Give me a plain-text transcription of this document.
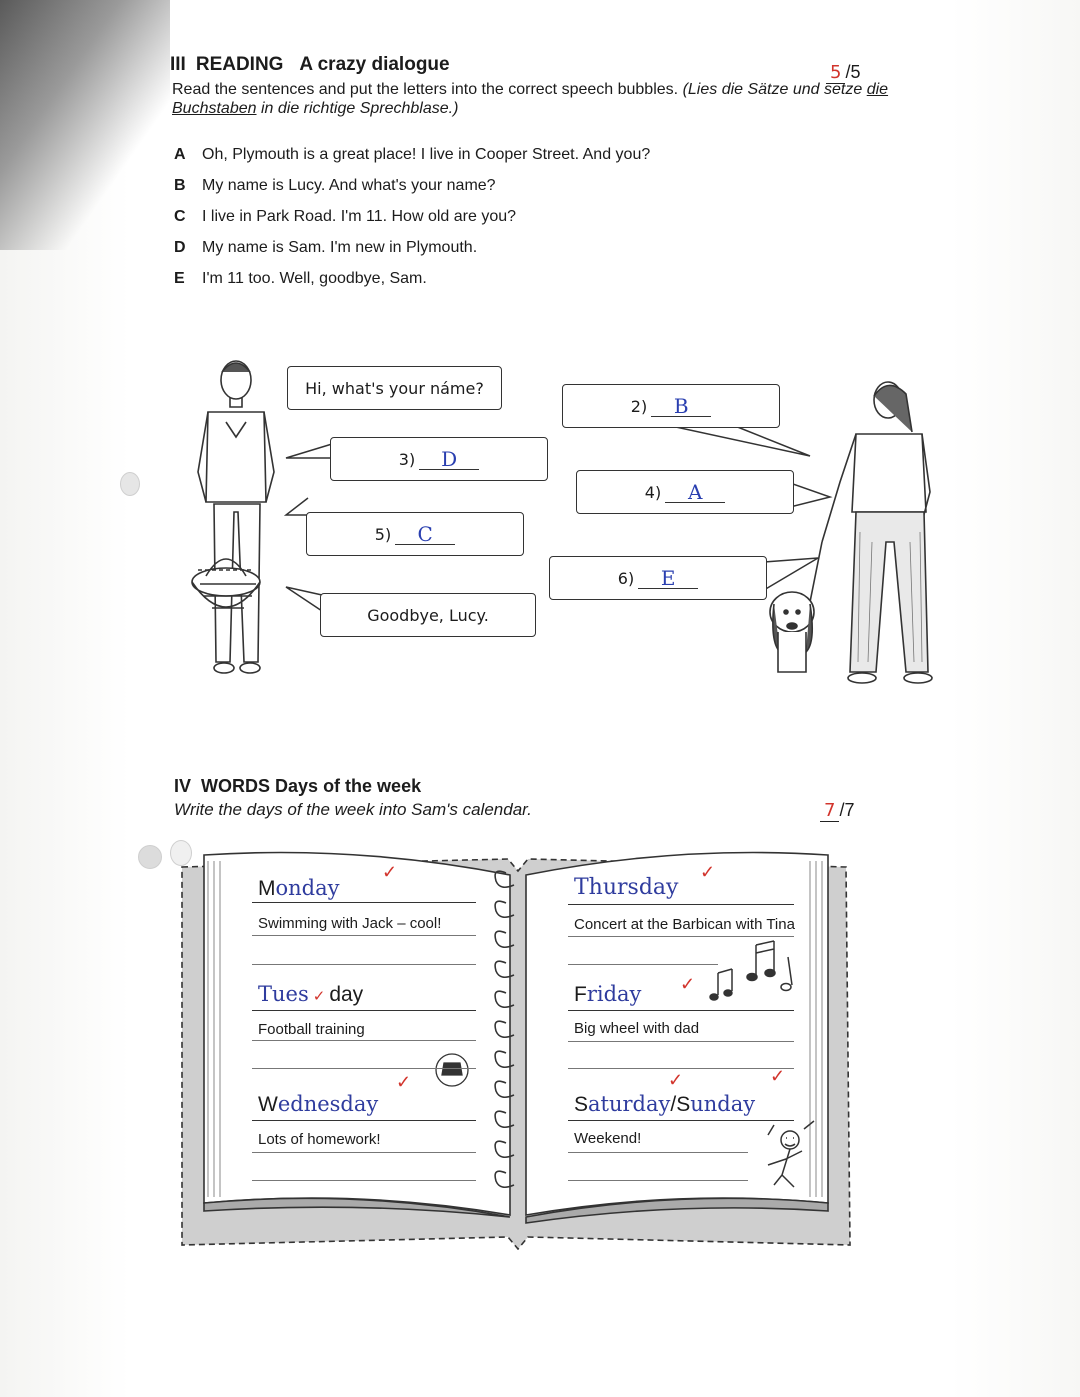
III READING A crazy dialogue	5 /5
Read the sentences and put the letters into the correct speech bubbles. (Lies die Sätze und setze die Buchstaben in die richtige Sprechblase.)
A Oh, Plymouth is a great place! I live in Cooper Street. And you?
B My name is Lucy. And what's your name?
C I live in Park Road. I'm 11. How old are you?
D My name is Sam. I'm new in Plymouth.
E I'm 11 too. Well, goodbye, Sam.
Hi, what's your náme?
2)	B
3)	D
4)	A
5)	C
6)	E
Goodbye, Lucy.
IV WORDS Days of the week
Write the days of the week into Sam's calendar.	7 /7
Monday
✓
Swimming with Jack – cool!
Tues ✓ day
Football training
Wednesday
✓
Lots of homework!
Thursday
✓
Concert at the Barbican with Tina
Friday ✓
Big wheel with dad
Saturday/Sunday
✓	✓
Weekend!
